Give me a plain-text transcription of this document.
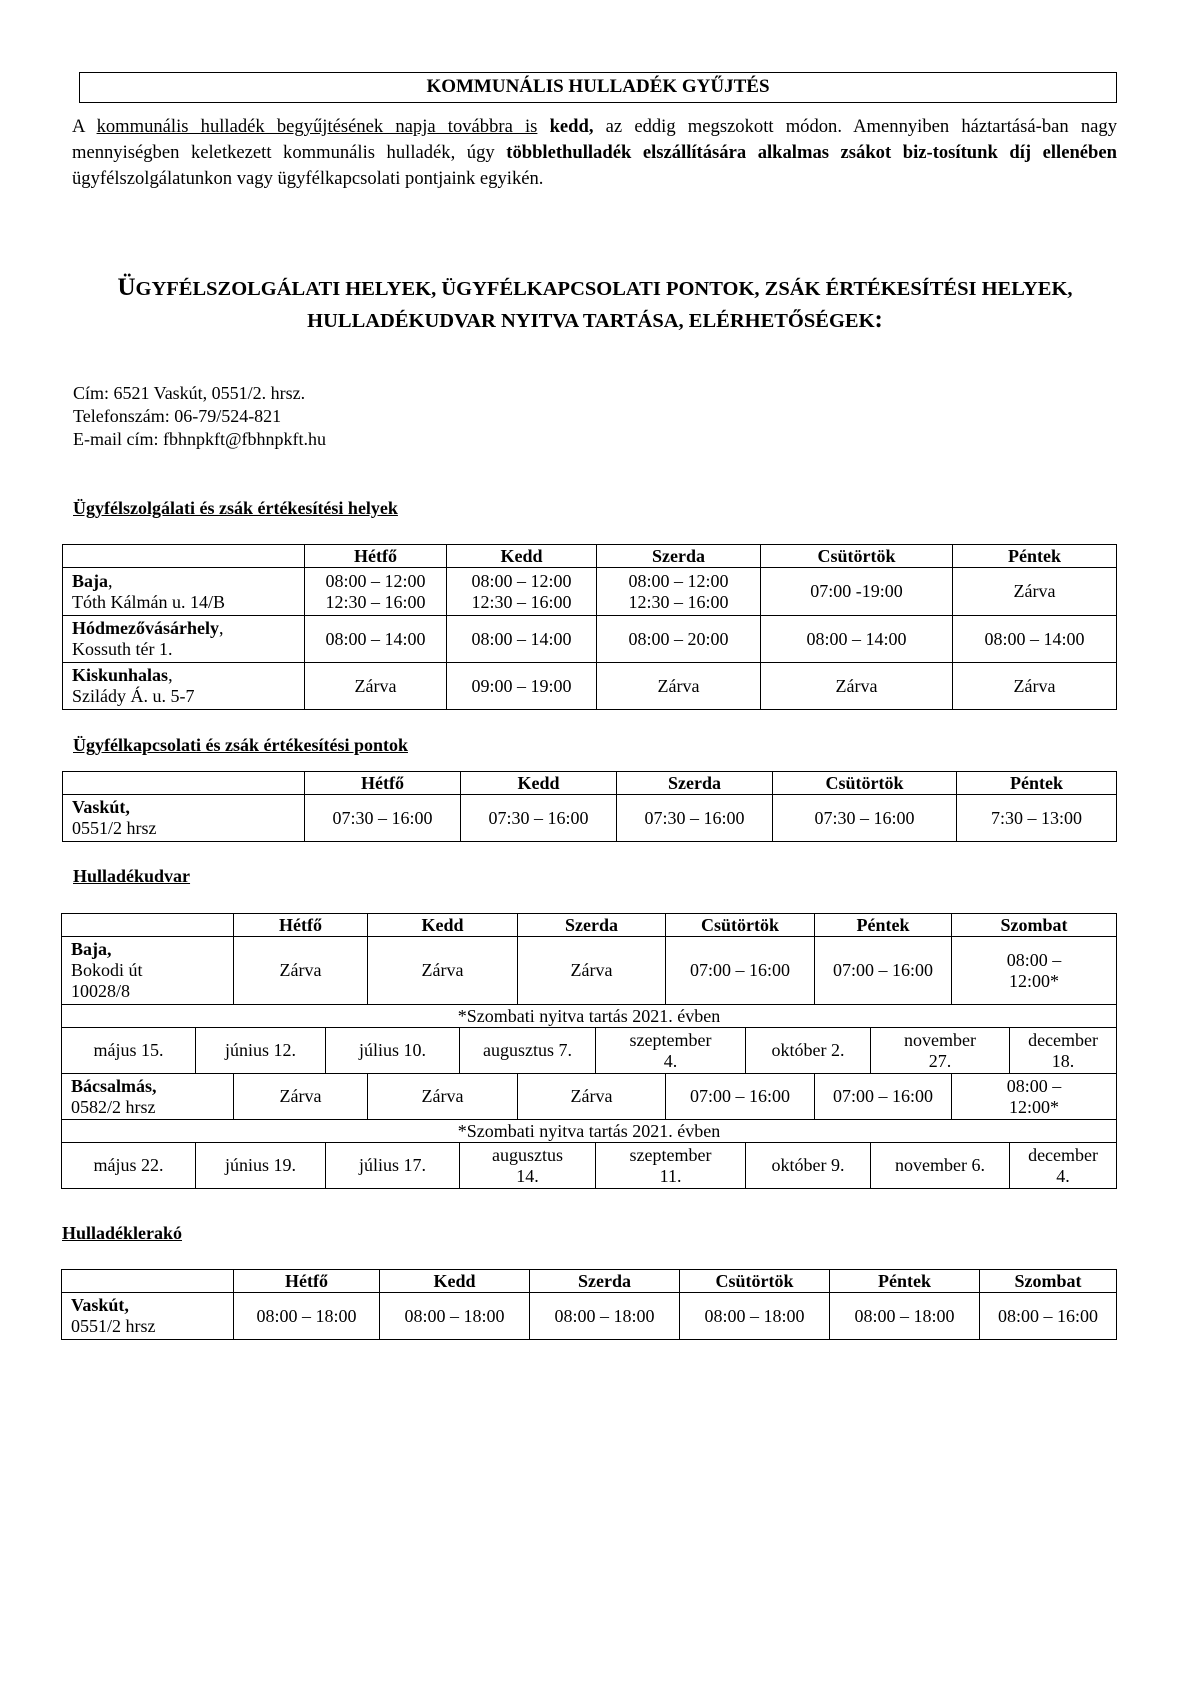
KOMMUNÁLIS HULLADÉK GYŰJTÉS
A kommunális hulladék begyűjtésének napja továbbra is kedd, az eddig megszokott módon. Amennyiben háztartásá-ban nagy mennyiségben keletkezett kommunális hulladék, úgy többlethulladék elszállítására alkalmas zsákot biz-tosítunk díj ellenében ügyfélszolgálatunkon vagy ügyfélkapcsolati pontjaink egyikén.
ÜGYFÉLSZOLGÁLATI HELYEK, ÜGYFÉLKAPCSOLATI PONTOK, ZSÁK ÉRTÉKESÍTÉSI HELYEK,
HULLADÉKUDVAR NYITVA TARTÁSA, ELÉRHETŐSÉGEK:
Cím: 6521 Vaskút, 0551/2. hrsz.
Telefonszám: 06-79/524-821
E-mail cím: fbhnpkft@fbhnpkft.hu
Ügyfélszolgálati és zsák értékesítési helyek
	Hétfő	Kedd	Szerda	Csütörtök	Péntek
Baja,
Tóth Kálmán u. 14/B	08:00 – 12:00
12:30 – 16:00	08:00 – 12:00
12:30 – 16:00	08:00 – 12:00
12:30 – 16:00	07:00 -19:00	Zárva
Hódmezővásárhely,
Kossuth tér 1.	08:00 – 14:00	08:00 – 14:00	08:00 – 20:00	08:00 – 14:00	08:00 – 14:00
Kiskunhalas,
Szilády Á. u. 5-7	Zárva	09:00 – 19:00	Zárva	Zárva	Zárva
Ügyfélkapcsolati és zsák értékesítési pontok
	Hétfő	Kedd	Szerda	Csütörtök	Péntek
Vaskút,
0551/2 hrsz	07:30 – 16:00	07:30 – 16:00	07:30 – 16:00	07:30 – 16:00	7:30 – 13:00
Hulladékudvar
		Hétfő		Kedd		Szerda		Csütörtök		Péntek		Szombat	
Baja,
Bokodi út
10028/8		Zárva		Zárva		Zárva		07:00 – 16:00		07:00 – 16:00		08:00 –
12:00*	
*Szombati nyitva tartás 2021. évben													
május 15.	június 12.		július 10.		augusztus 7.		szeptember
4.		október 2.		november
27.		december
18.
Bácsalmás,
0582/2 hrsz		Zárva		Zárva		Zárva		07:00 – 16:00		07:00 – 16:00		08:00 –
12:00*	
*Szombati nyitva tartás 2021. évben													
május 22.	június 19.		július 17.		augusztus
14.		szeptember
11.		október 9.		november 6.		december
4.
Hulladéklerakó
	Hétfő	Kedd	Szerda	Csütörtök	Péntek	Szombat
Vaskút,
0551/2 hrsz	08:00 – 18:00	08:00 – 18:00	08:00 – 18:00	08:00 – 18:00	08:00 – 18:00	08:00 – 16:00
